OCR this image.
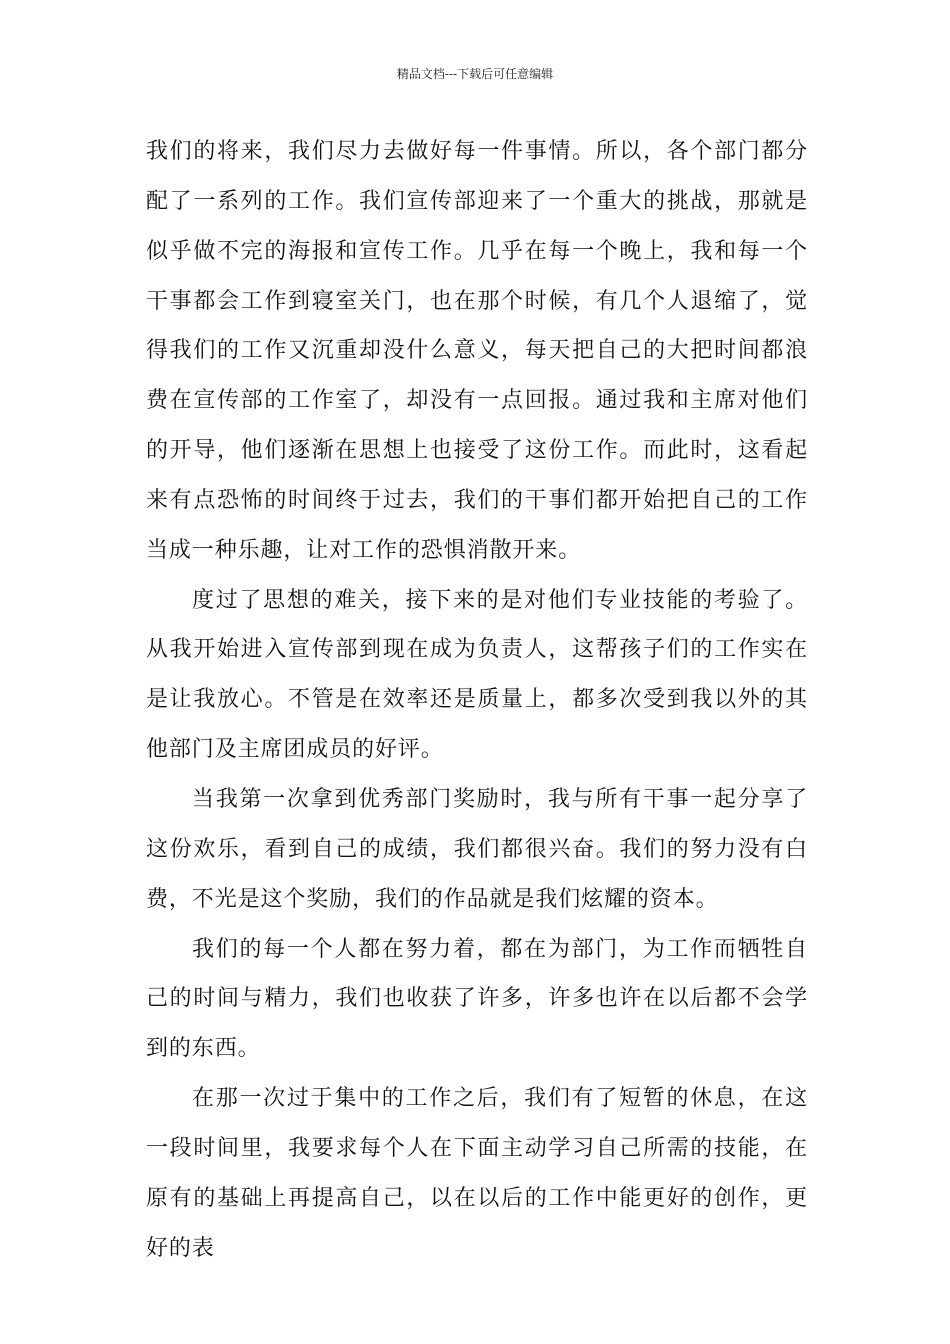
精品文档---下载后可任意编辑

我们的将来，我们尽力去做好每一件事情。所以，各个部门都分配了一系列的工作。我们宣传部迎来了一个重大的挑战，那就是似乎做不完的海报和宣传工作。几乎在每一个晚上，我和每一个干事都会工作到寝室关门，也在那个时候，有几个人退缩了，觉得我们的工作又沉重却没什么意义，每天把自己的大把时间都浪费在宣传部的工作室了，却没有一点回报。通过我和主席对他们的开导，他们逐渐在思想上也接受了这份工作。而此时，这看起来有点恐怖的时间终于过去，我们的干事们都开始把自己的工作当成一种乐趣，让对工作的恐惧消散开来。

度过了思想的难关，接下来的是对他们专业技能的考验了。从我开始进入宣传部到现在成为负责人，这帮孩子们的工作实在是让我放心。不管是在效率还是质量上，都多次受到我以外的其他部门及主席团成员的好评。

当我第一次拿到优秀部门奖励时，我与所有干事一起分享了这份欢乐，看到自己的成绩，我们都很兴奋。我们的努力没有白费，不光是这个奖励，我们的作品就是我们炫耀的资本。

我们的每一个人都在努力着，都在为部门，为工作而牺牲自己的时间与精力，我们也收获了许多，许多也许在以后都不会学到的东西。

在那一次过于集中的工作之后，我们有了短暂的休息，在这一段时间里，我要求每个人在下面主动学习自己所需的技能，在原有的基础上再提高自己，以在以后的工作中能更好的创作，更好的表
